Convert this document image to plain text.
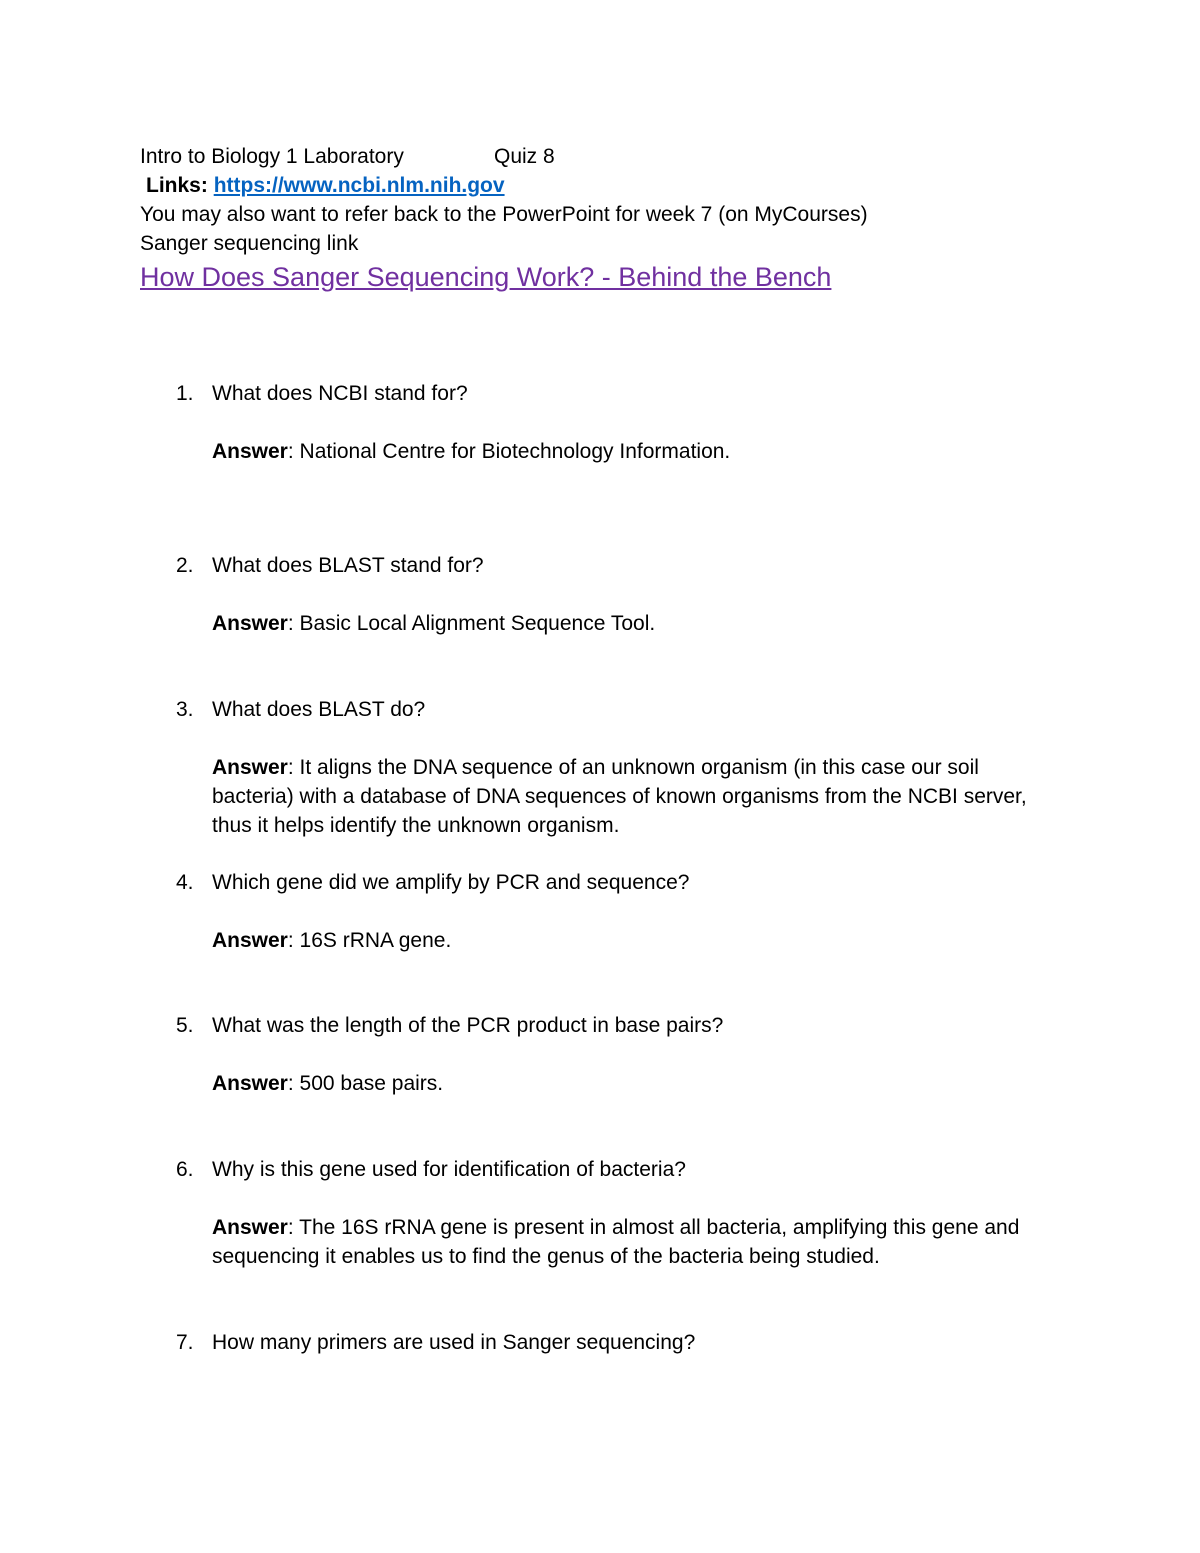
Intro to Biology 1 Laboratory	Quiz 8
Links: https://www.ncbi.nlm.nih.gov
You may also want to refer back to the PowerPoint for week 7 (on MyCourses)
Sanger sequencing link
How Does Sanger Sequencing Work? - Behind the Bench
1. What does NCBI stand for?
Answer: National Centre for Biotechnology Information.
2. What does BLAST stand for?
Answer: Basic Local Alignment Sequence Tool.
3. What does BLAST do?
Answer: It aligns the DNA sequence of an unknown organism (in this case our soil bacteria) with a database of DNA sequences of known organisms from the NCBI server, thus it helps identify the unknown organism.
4. Which gene did we amplify by PCR and sequence?
Answer: 16S rRNA gene.
5. What was the length of the PCR product in base pairs?
Answer: 500 base pairs.
6. Why is this gene used for identification of bacteria?
Answer: The 16S rRNA gene is present in almost all bacteria, amplifying this gene and sequencing it enables us to find the genus of the bacteria being studied.
7. How many primers are used in Sanger sequencing?
